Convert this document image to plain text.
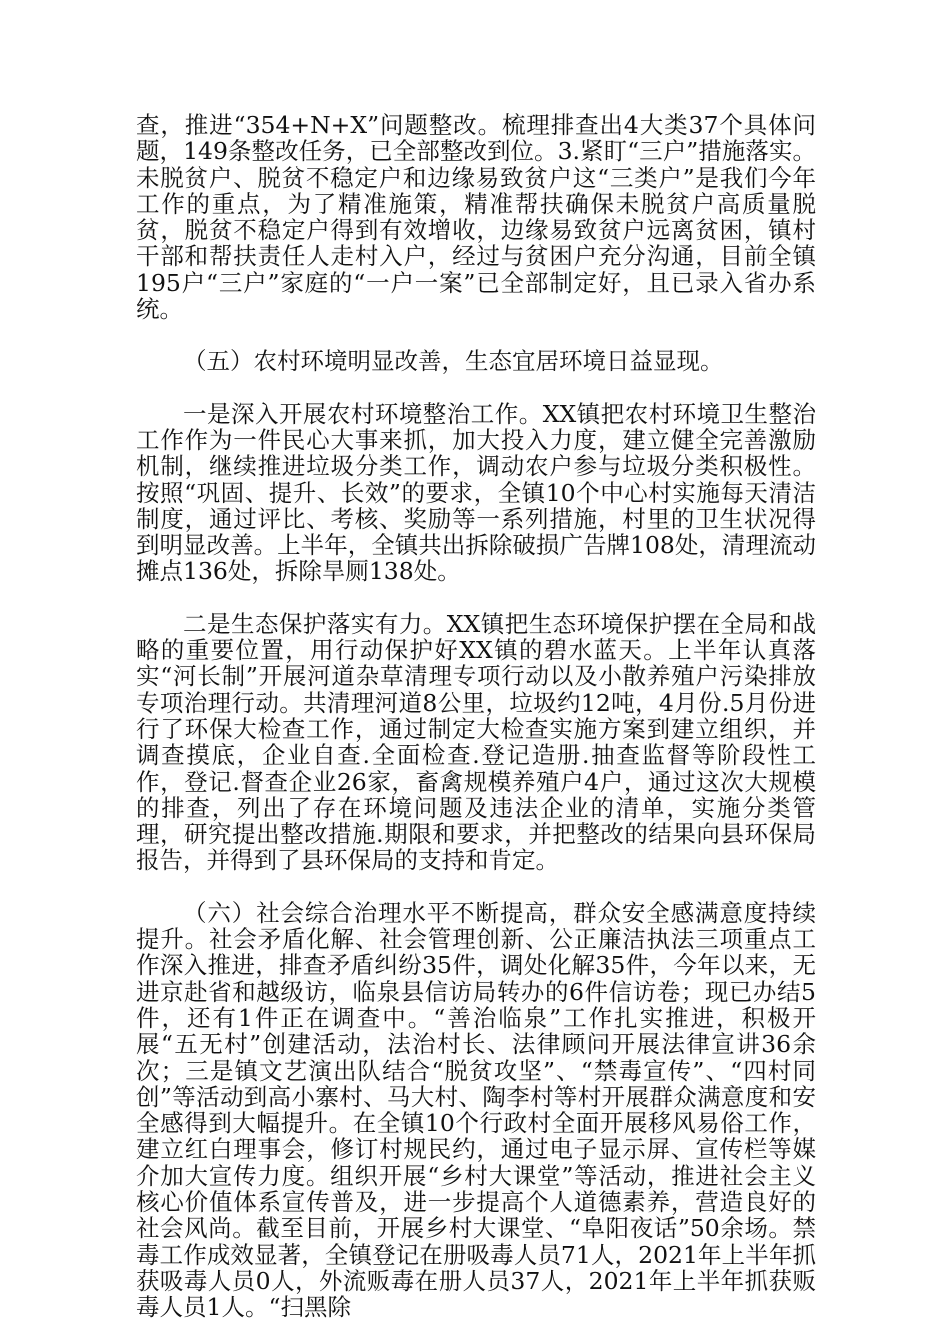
查，推进“354+N+X”问题整改。梳理排查出4大类37个具体问题，149条整改任务，已全部整改到位。3.紧盯“三户”措施落实。未脱贫户、脱贫不稳定户和边缘易致贫户这“三类户”是我们今年工作的重点，为了精准施策，精准帮扶确保未脱贫户高质量脱贫，脱贫不稳定户得到有效增收，边缘易致贫户远离贫困，镇村干部和帮扶责任人走村入户，经过与贫困户充分沟通，目前全镇195户“三户”家庭的“一户一案”已全部制定好，且已录入省办系统。

（五）农村环境明显改善，生态宜居环境日益显现。

一是深入开展农村环境整治工作。XX镇把农村环境卫生整治工作作为一件民心大事来抓，加大投入力度，建立健全完善激励机制，继续推进垃圾分类工作，调动农户参与垃圾分类积极性。按照“巩固、提升、长效”的要求，全镇10个中心村实施每天清洁制度，通过评比、考核、奖励等一系列措施，村里的卫生状况得到明显改善。上半年，全镇共出拆除破损广告牌108处，清理流动摊点136处，拆除旱厕138处。

二是生态保护落实有力。XX镇把生态环境保护摆在全局和战略的重要位置，用行动保护好XX镇的碧水蓝天。上半年认真落实“河长制”开展河道杂草清理专项行动以及小散养殖户污染排放专项治理行动。共清理河道8公里，垃圾约12吨，4月份.5月份进行了环保大检查工作，通过制定大检查实施方案到建立组织，并调查摸底，企业自查.全面检查.登记造册.抽查监督等阶段性工作，登记.督查企业26家，畜禽规模养殖户4户，通过这次大规模的排查，列出了存在环境问题及违法企业的清单，实施分类管理，研究提出整改措施.期限和要求，并把整改的结果向县环保局报告，并得到了县环保局的支持和肯定。

（六）社会综合治理水平不断提高，群众安全感满意度持续提升。社会矛盾化解、社会管理创新、公正廉洁执法三项重点工作深入推进，排查矛盾纠纷35件，调处化解35件，今年以来，无进京赴省和越级访，临泉县信访局转办的6件信访卷；现已办结5件，还有1件正在调查中。“善治临泉”工作扎实推进，积极开展“五无村”创建活动，法治村长、法律顾问开展法律宣讲36余次；三是镇文艺演出队结合“脱贫攻坚”、“禁毒宣传”、“四村同创”等活动到高小寨村、马大村、陶李村等村开展群众满意度和安全感得到大幅提升。在全镇10个行政村全面开展移风易俗工作，建立红白理事会，修订村规民约，通过电子显示屏、宣传栏等媒介加大宣传力度。组织开展“乡村大课堂”等活动，推进社会主义核心价值体系宣传普及，进一步提高个人道德素养，营造良好的社会风尚。截至目前，开展乡村大课堂、“阜阳夜话”50余场。禁毒工作成效显著，全镇登记在册吸毒人员71人，2021年上半年抓获吸毒人员0人，外流贩毒在册人员37人，2021年上半年抓获贩毒人员1人。“扫黑除
